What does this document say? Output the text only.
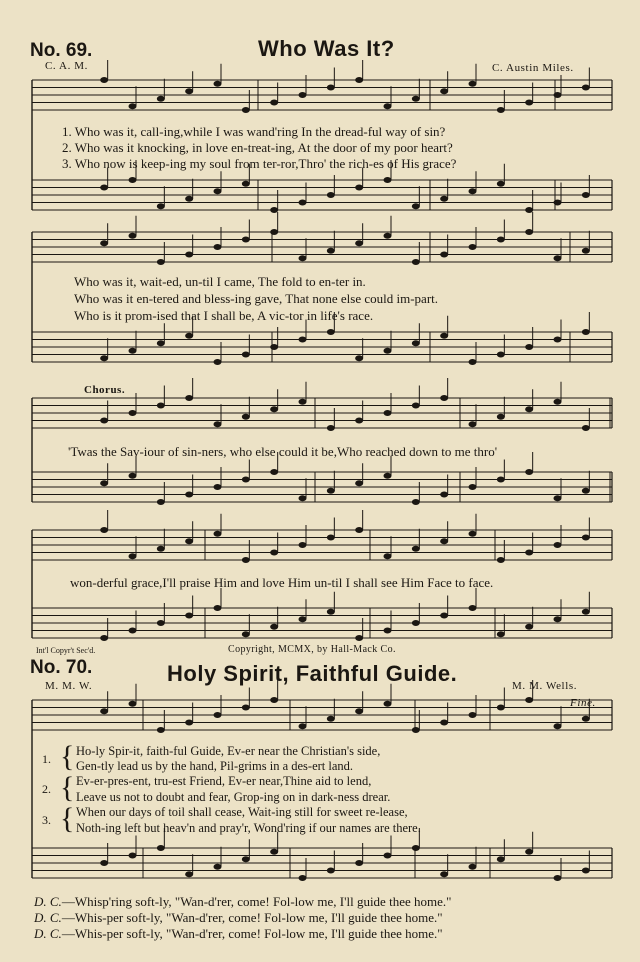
No. 69.	Who Was It?
C. A. M.	C. Austin Miles.
1. Who was it, call-ing,while I was wand'ring In the dread-ful way of sin?
2. Who was it knocking, in love en-treat-ing, At the door of my poor heart?
3. Who now is keep-ing my soul from ter-ror,Thro' the rich-es of His grace?
Who was it, wait-ed, un-til I came, The fold to en-ter in.
Who was it en-tered and bless-ing gave, That none else could im-part.
Who is it prom-ised that I shall be, A vic-tor in life's race.
Chorus.
'Twas the Sav-iour of sin-ners, who else could it be,Who reached down to me thro'
won-derful grace,I'll praise Him and love Him un-til I shall see Him Face to face.
Int'l Copyr't Sec'd.	Copyright, MCMX, by Hall-Mack Co.
No. 70.	Holy Spirit, Faithful Guide.
M. M. W.	M. M. Wells.
Fine.
1. { Ho-ly Spir-it, faith-ful Guide, Ev-er near the Christian's side,
Gen-tly lead us by the hand, Pil-grims in a des-ert land.
2. { Ev-er-pres-ent, tru-est Friend, Ev-er near,Thine aid to lend,
Leave us not to doubt and fear, Grop-ing on in dark-ness drear.
3. { When our days of toil shall cease, Wait-ing still for sweet re-lease,
Noth-ing left but heav'n and pray'r, Wond'ring if our names are there.
D. C.—Whisp'ring soft-ly, "Wan-d'rer, come! Fol-low me, I'll guide thee home."
D. C.—Whis-per soft-ly, "Wan-d'rer, come! Fol-low me, I'll guide thee home."
D. C.—Whis-per soft-ly, "Wan-d'rer, come! Fol-low me, I'll guide thee home."
